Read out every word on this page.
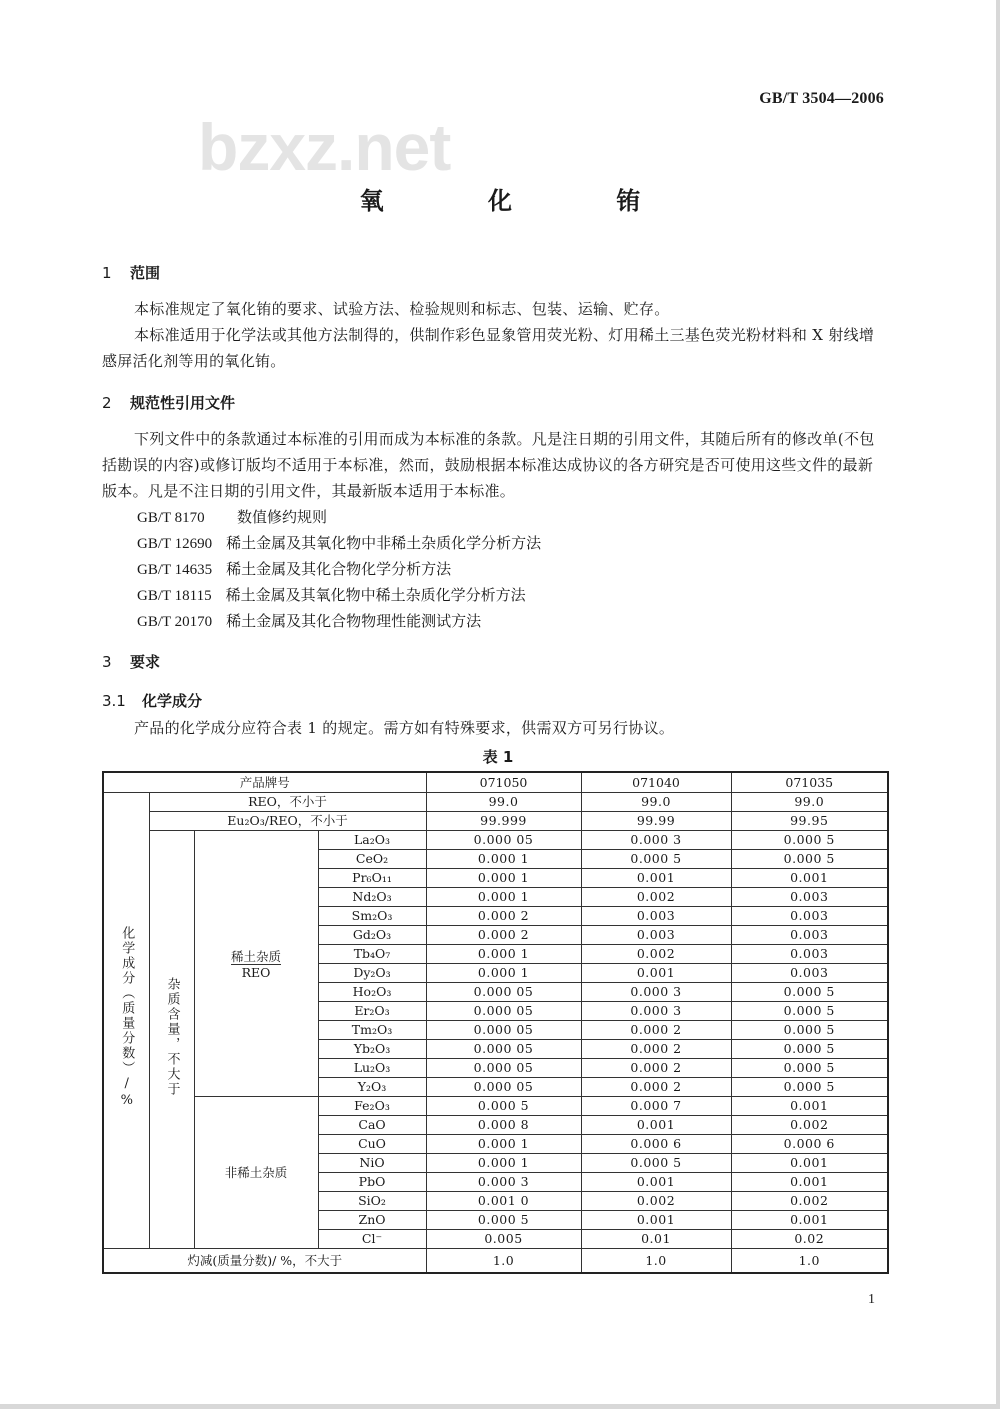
GB/T 3504—2006
bzxz.net
氧 化 铕
1 范围
本标准规定了氧化铕的要求、试验方法、检验规则和标志、包装、运输、贮存。
本标准适用于化学法或其他方法制得的，供制作彩色显象管用荧光粉、灯用稀土三基色荧光粉材料和 X 射线增感屏活化剂等用的氧化铕。
2 规范性引用文件
下列文件中的条款通过本标准的引用而成为本标准的条款。凡是注日期的引用文件，其随后所有的修改单(不包括勘误的内容)或修订版均不适用于本标准，然而，鼓励根据本标准达成协议的各方研究是否可使用这些文件的最新版本。凡是不注日期的引用文件，其最新版本适用于本标准。
GB/T 8170 数值修约规则
GB/T 12690 稀土金属及其氧化物中非稀土杂质化学分析方法
GB/T 14635 稀土金属及其化合物化学分析方法
GB/T 18115 稀土金属及其氧化物中稀土杂质化学分析方法
GB/T 20170 稀土金属及其化合物物理性能测试方法
3 要求
3.1 化学成分
产品的化学成分应符合表 1 的规定。需方如有特殊要求，供需双方可另行协议。
表 1
产品牌号				071050	071040	071035
化学成分（质量分数）/%	REO，不小于			99.0	99.0	99.0
	Eu₂O₃/REO，不小于			99.999	99.99	99.95
	杂质含量，不大于	$\frac{\text{稀土杂质}}{\text{REO}}$	La₂O₃	0.000 05	0.000 3	0.000 5
			CeO₂	0.000 1	0.000 5	0.000 5
			Pr₆O₁₁	0.000 1	0.001	0.001
			Nd₂O₃	0.000 1	0.002	0.003
			Sm₂O₃	0.000 2	0.003	0.003
			Gd₂O₃	0.000 2	0.003	0.003
			Tb₄O₇	0.000 1	0.002	0.003
			Dy₂O₃	0.000 1	0.001	0.003
			Ho₂O₃	0.000 05	0.000 3	0.000 5
			Er₂O₃	0.000 05	0.000 3	0.000 5
			Tm₂O₃	0.000 05	0.000 2	0.000 5
			Yb₂O₃	0.000 05	0.000 2	0.000 5
			Lu₂O₃	0.000 05	0.000 2	0.000 5
			Y₂O₃	0.000 05	0.000 2	0.000 5
		非稀土杂质	Fe₂O₃	0.000 5	0.000 7	0.001
			CaO	0.000 8	0.001	0.002
			CuO	0.000 1	0.000 6	0.000 6
			NiO	0.000 1	0.000 5	0.001
			PbO	0.000 3	0.001	0.001
			SiO₂	0.001 0	0.002	0.002
			ZnO	0.000 5	0.001	0.001
			Cl⁻	0.005	0.01	0.02
灼减(质量分数)/ %，不大于				1.0	1.0	1.0
1
